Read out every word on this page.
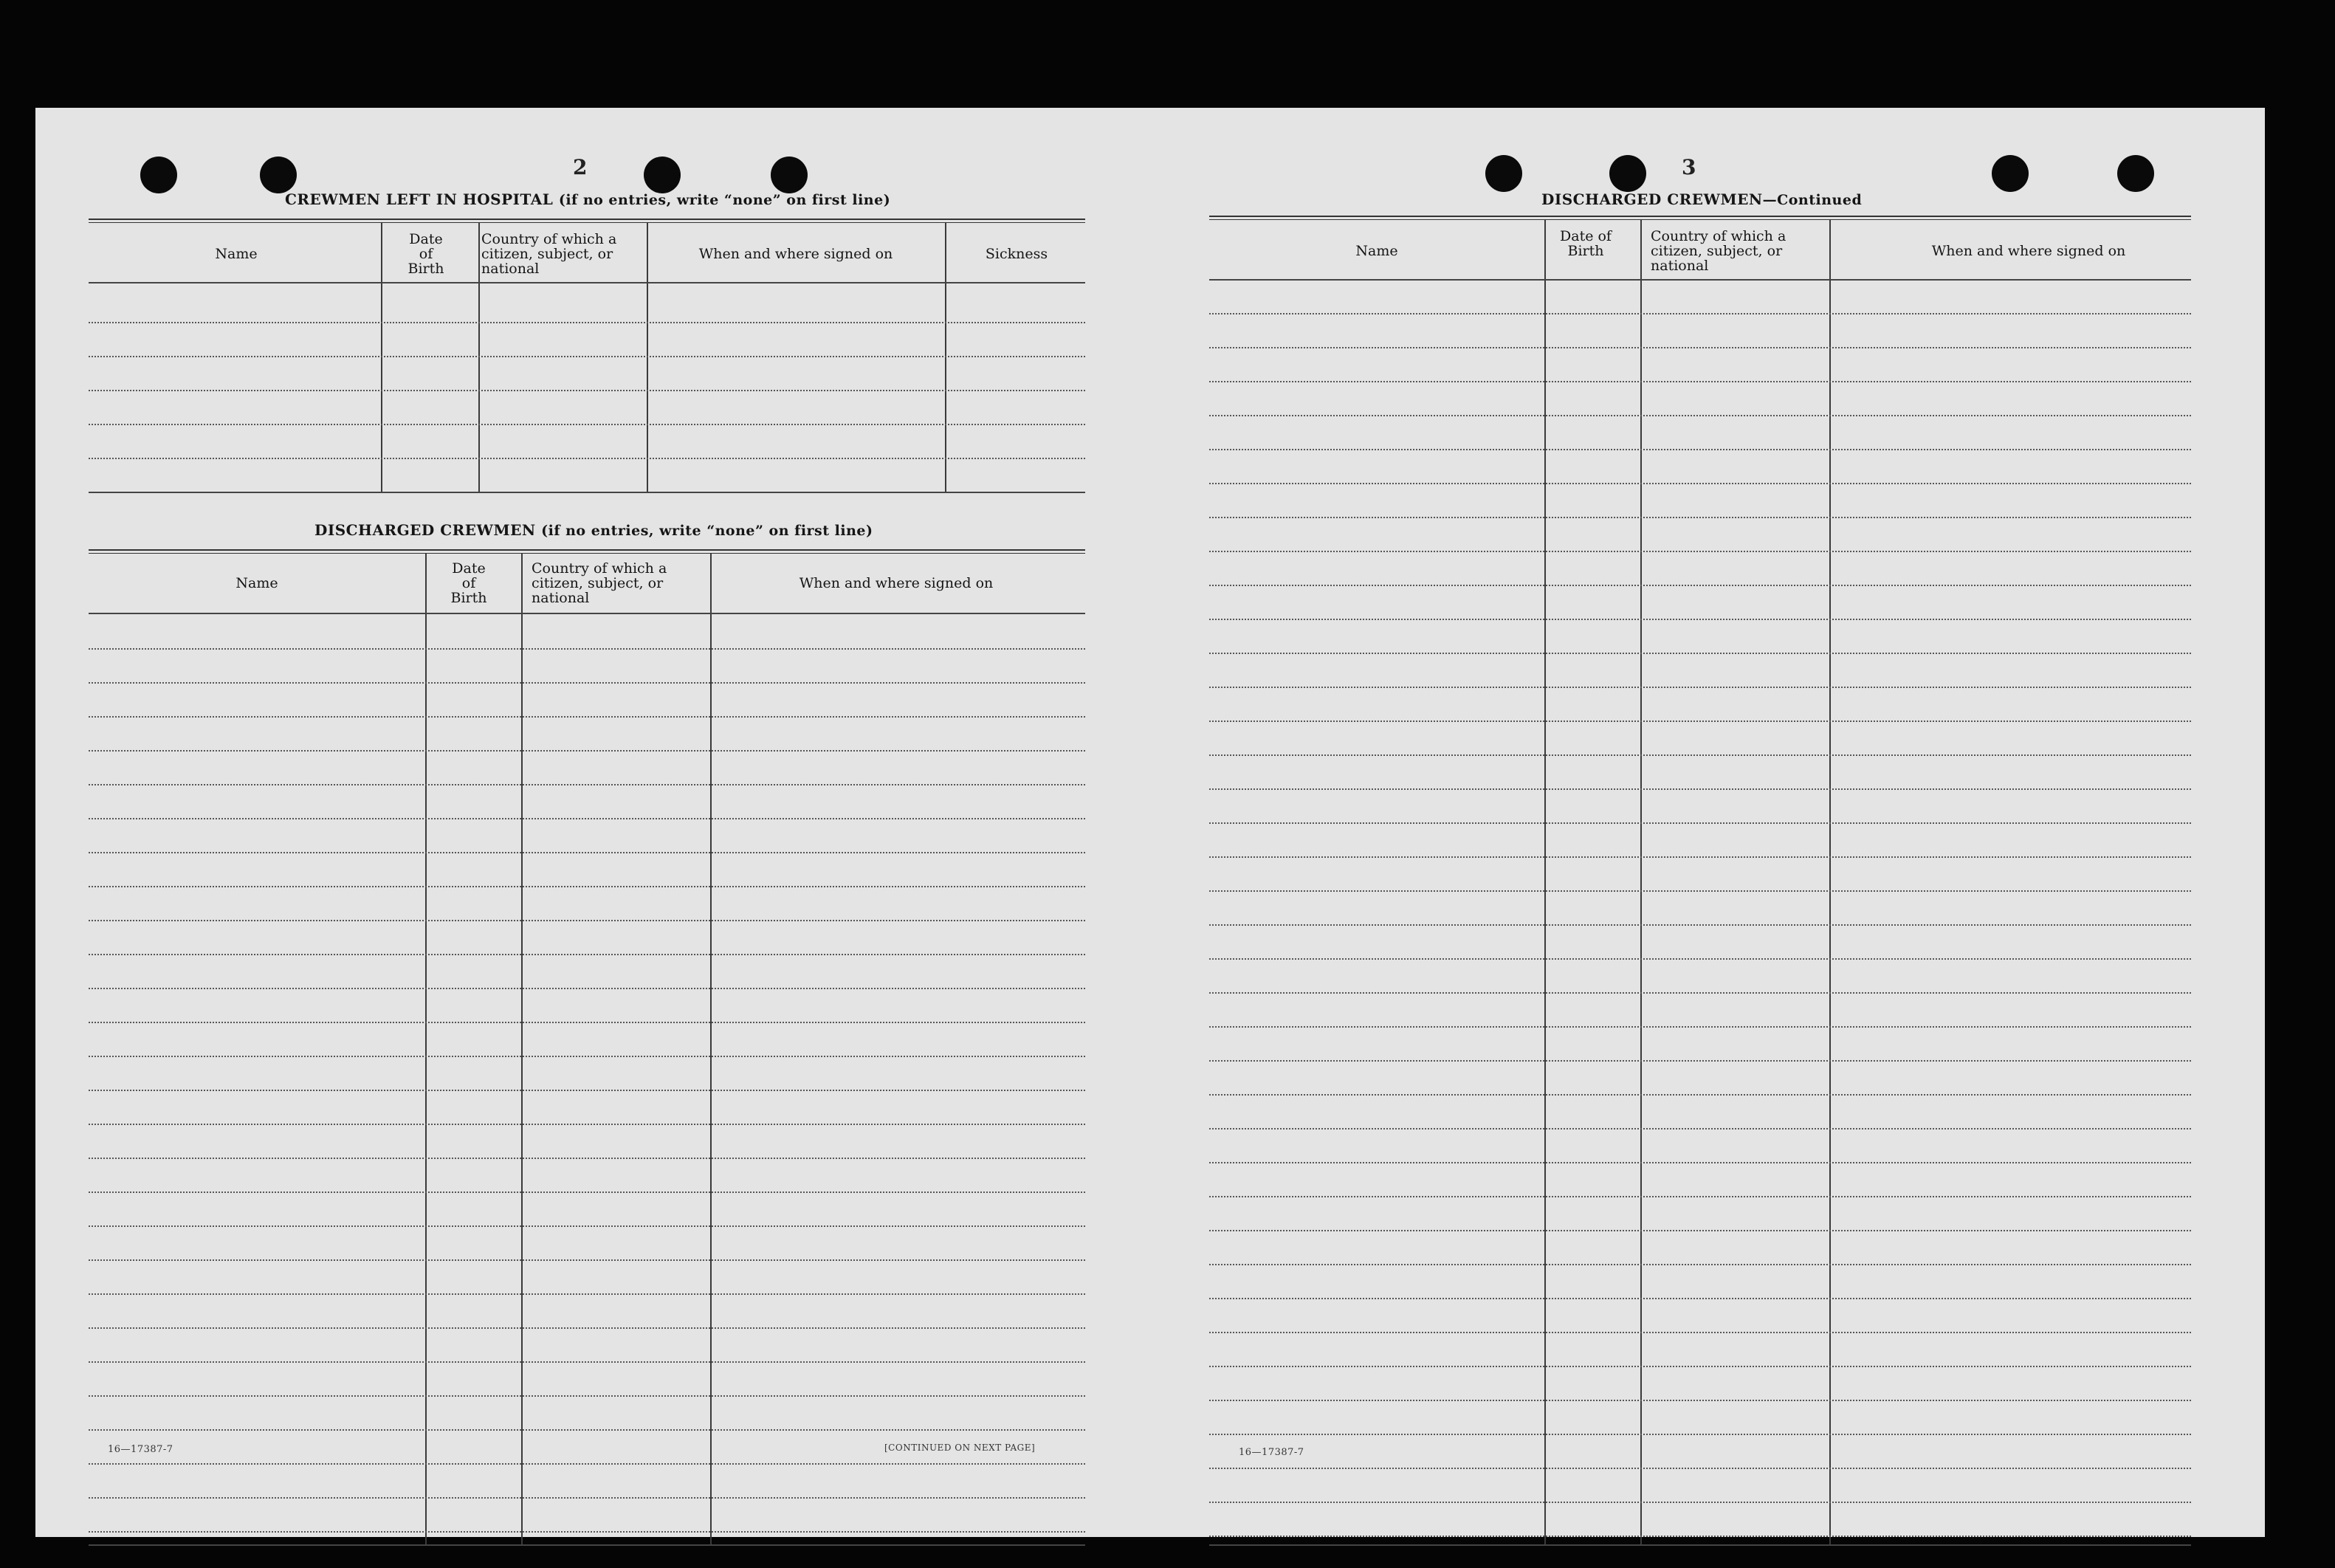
2
CREWMEN LEFT IN HOSPITAL (if no entries, write “none” on first line)
Name
Date of Birth
Country of which a citizen, subject, or national
When and where signed on	Sickness
DISCHARGED CREWMEN (if no entries, write “none” on first line)
Name
Date of Birth
Country of which a citizen, subject, or national
When and where signed on
16—17387-7	[CONTINUED ON NEXT PAGE]
3
DISCHARGED CREWMEN—Continued
Name
Date of Birth
Country of which a citizen, subject, or national
When and where signed on
16—17387-7
